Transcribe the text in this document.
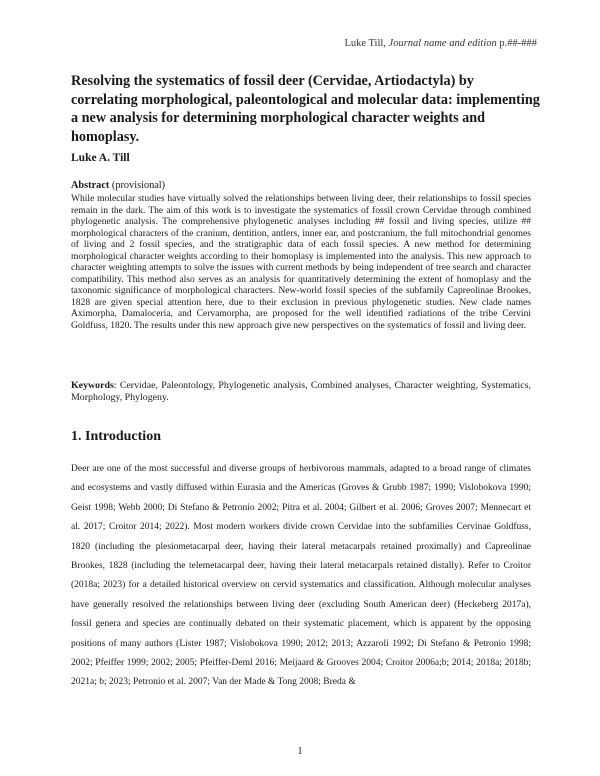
Luke Till, Journal name and edition p.##-###
Resolving the systematics of fossil deer (Cervidae, Artiodactyla) by correlating morphological, paleontological and molecular data: implementing a new analysis for determining morphological character weights and homoplasy.
Luke A. Till
Abstract (provisional)

While molecular studies have virtually solved the relationships between living deer, their relationships to fossil species remain in the dark. The aim of this work is to investigate the systematics of fossil crown Cervidae through combined phylogenetic analysis. The comprehensive phylogenetic analyses including ## fossil and living species, utilize ## morphological characters of the cranium, dentition, antlers, inner ear, and postcranium, the full mitochondrial genomes of living and 2 fossil species, and the stratigraphic data of each fossil species. A new method for determining morphological character weights according to their homoplasy is implemented into the analysis. This new approach to character weighting attempts to solve the issues with current methods by being independent of tree search and character compatibility. This method also serves as an analysis for quantitatively determining the extent of homoplasy and the taxonomic significance of morphological characters. New-world fossil species of the subfamily Capreolinae Brookes, 1828 are given special attention here, due to their exclusion in previous phylogenetic studies. New clade names Aximorpha, Damaloceria, and Cervamorpha, are proposed for the well identified radiations of the tribe Cervini Goldfuss, 1820. The results under this new approach give new perspectives on the systematics of fossil and living deer.

Keywords: Cervidae, Paleontology, Phylogenetic analysis, Combined analyses, Character weighting, Systematics, Morphology, Phylogeny.

1. Introduction

Deer are one of the most successful and diverse groups of herbivorous mammals, adapted to a broad range of climates and ecosystems and vastly diffused within Eurasia and the Americas (Groves & Grubb 1987; 1990; Vislobokova 1990; Geist 1998; Webb 2000; Di Stefano & Petronio 2002; Pitra et al. 2004; Gilbert et al. 2006; Groves 2007; Mennecart et al. 2017; Croitor 2014; 2022). Most modern workers divide crown Cervidae into the subfamilies Cervinae Goldfuss, 1820 (including the plesiometacarpal deer, having their lateral metacarpals retained proximally) and Capreolinae Brookes, 1828 (including the telemetacarpal deer, having their lateral metacarpals retained distally). Refer to Croitor (2018a; 2023) for a detailed historical overview on cervid systematics and classification. Although molecular analyses have generally resolved the relationships between living deer (excluding South American deer) (Heckeberg 2017a), fossil genera and species are continually debated on their systematic placement, which is apparent by the opposing positions of many authors (Lister 1987; Vislobokova 1990; 2012; 2013; Azzaroli 1992; Di Stefano & Petronio 1998; 2002; Pfeiffer 1999; 2002; 2005; Pfeiffer-Deml 2016; Meijaard & Grooves 2004; Croitor 2006a;b; 2014; 2018a; 2018b; 2021a; b; 2023; Petronio et al. 2007; Van der Made & Tong 2008; Breda &

1
